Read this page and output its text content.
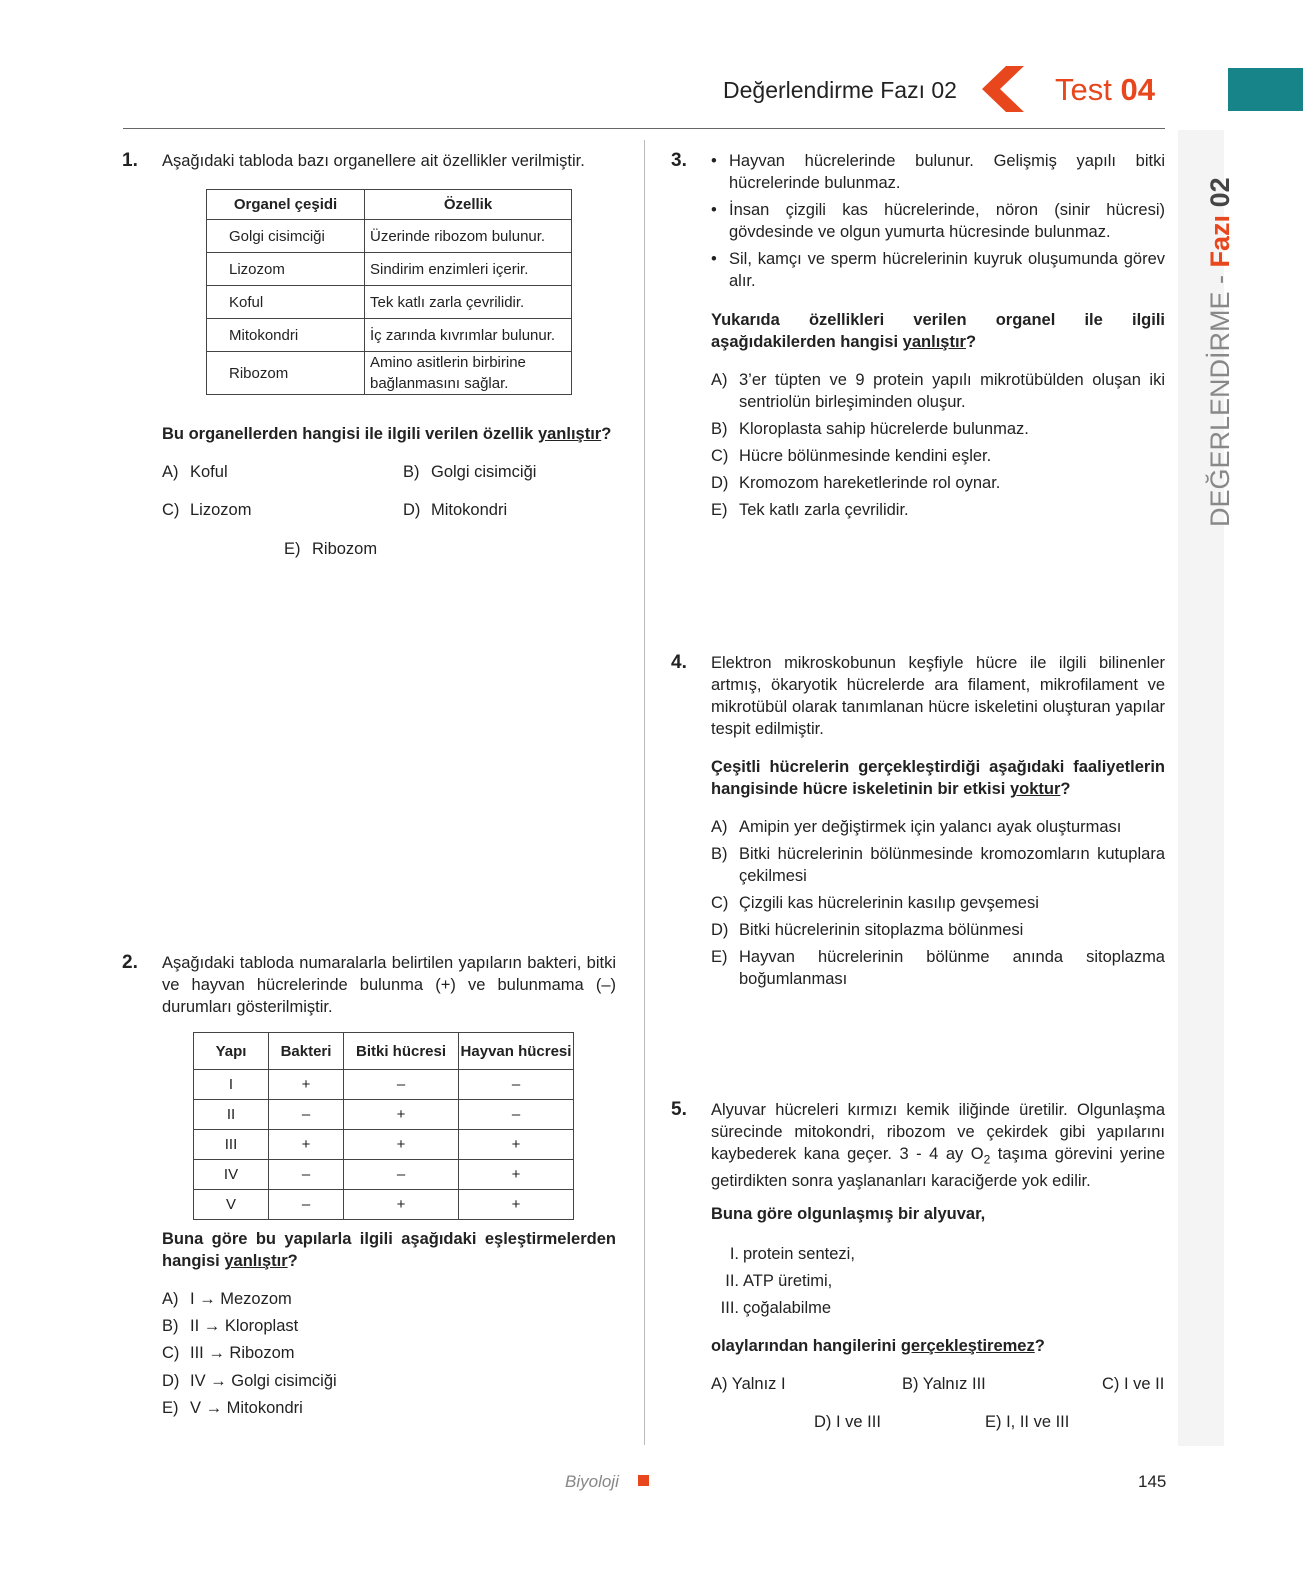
Değerlendirme Fazı 02	Test 04
DEĞERLENDİRME - Fazı 02
1. Aşağıdaki tabloda bazı organellere ait özellikler verilmiştir.
Organel çeşidi	Özellik
Golgi cisimciği	Üzerinde ribozom bulunur.
Lizozom	Sindirim enzimleri içerir.
Koful	Tek katlı zarla çevrilidir.
Mitokondri	İç zarında kıvrımlar bulunur.
Ribozom	Amino asitlerin birbirine bağlanmasını sağlar.
Bu organellerden hangisi ile ilgili verilen özellik yanlıştır?
A) Koful	B) Golgi cisimciği
C) Lizozom	D) Mitokondri
E) Ribozom
2. Aşağıdaki tabloda numaralarla belirtilen yapıların bakteri, bitki ve hayvan hücrelerinde bulunma (+) ve bulunmama (–) durumları gösterilmiştir.
Yapı	Bakteri	Bitki hücresi	Hayvan hücresi
I	+	–	–
II	–	+	–
III	+	+	+
IV	–	–	+
V	–	+	+
Buna göre bu yapılarla ilgili aşağıdaki eşleştirmelerden hangisi yanlıştır?
A) I → Mezozom
B) II → Kloroplast
C) III → Ribozom
D) IV → Golgi cisimciği
E) V → Mitokondri
3. • Hayvan hücrelerinde bulunur. Gelişmiş yapılı bitki hücrelerinde bulunmaz.
• İnsan çizgili kas hücrelerinde, nöron (sinir hücresi) gövdesinde ve olgun yumurta hücresinde bulunmaz.
• Sil, kamçı ve sperm hücrelerinin kuyruk oluşumunda görev alır.
Yukarıda özellikleri verilen organel ile ilgili aşağıdakilerden hangisi yanlıştır?
A) 3’er tüpten ve 9 protein yapılı mikrotübülden oluşan iki sentriolün birleşiminden oluşur.
B) Kloroplasta sahip hücrelerde bulunmaz.
C) Hücre bölünmesinde kendini eşler.
D) Kromozom hareketlerinde rol oynar.
E) Tek katlı zarla çevrilidir.
4. Elektron mikroskobunun keşfiyle hücre ile ilgili bilinenler artmış, ökaryotik hücrelerde ara filament, mikrofilament ve mikrotübül olarak tanımlanan hücre iskeletini oluşturan yapılar tespit edilmiştir.
Çeşitli hücrelerin gerçekleştirdiği aşağıdaki faaliyetlerin hangisinde hücre iskeletinin bir etkisi yoktur?
A) Amipin yer değiştirmek için yalancı ayak oluşturması
B) Bitki hücrelerinin bölünmesinde kromozomların kutuplara çekilmesi
C) Çizgili kas hücrelerinin kasılıp gevşemesi
D) Bitki hücrelerinin sitoplazma bölünmesi
E) Hayvan hücrelerinin bölünme anında sitoplazma boğumlanması
5. Alyuvar hücreleri kırmızı kemik iliğinde üretilir. Olgunlaşma sürecinde mitokondri, ribozom ve çekirdek gibi yapılarını kaybederek kana geçer. 3 - 4 ay $O_2$ taşıma görevini yerine getirdikten sonra yaşlananları karaciğerde yok edilir.
Buna göre olgunlaşmış bir alyuvar,
I. protein sentezi,
II. ATP üretimi,
III. çoğalabilme
olaylarından hangilerini gerçekleştiremez?
A) Yalnız I	B) Yalnız III	C) I ve II
D) I ve III	E) I, II ve III
Biyoloji	145
